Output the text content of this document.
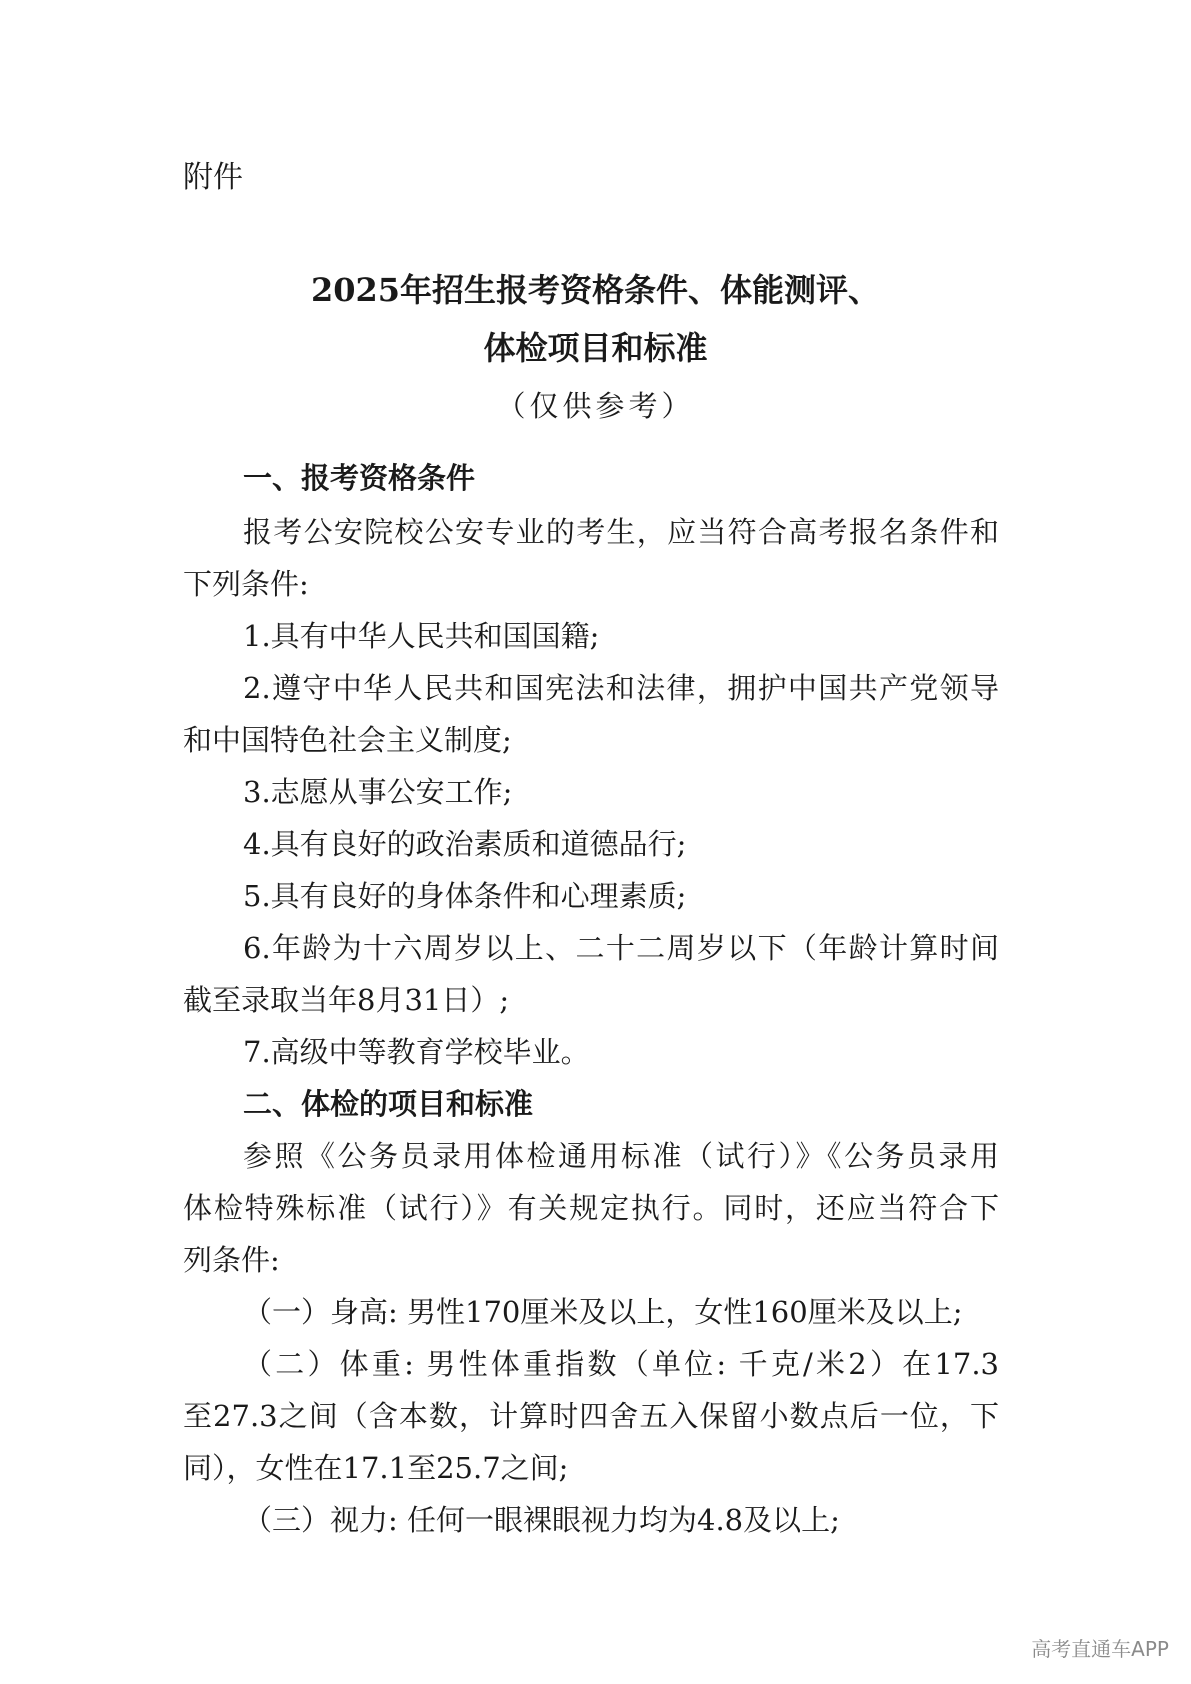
附件
2025年招生报考资格条件、体能测评、
体检项目和标准
（仅供参考）
一、报考资格条件
报考公安院校公安专业的考生，应当符合高考报名条件和
下列条件:
1.具有中华人民共和国国籍;
2.遵守中华人民共和国宪法和法律，拥护中国共产党领导
和中国特色社会主义制度;
3.志愿从事公安工作;
4.具有良好的政治素质和道德品行;
5.具有良好的身体条件和心理素质;
6.年龄为十六周岁以上、二十二周岁以下（年龄计算时间
截至录取当年8月31日）;
7.高级中等教育学校毕业。
二、体检的项目和标准
参照《公务员录用体检通用标准（试行）》《公务员录用
体检特殊标准（试行）》有关规定执行。同时，还应当符合下
列条件:
（一）身高: 男性170厘米及以上，女性160厘米及以上;
（二）体重: 男性体重指数（单位: 千克/米2）在17.3
至27.3之间（含本数，计算时四舍五入保留小数点后一位，下
同），女性在17.1至25.7之间;
（三）视力: 任何一眼裸眼视力均为4.8及以上;
高考直通车APP
